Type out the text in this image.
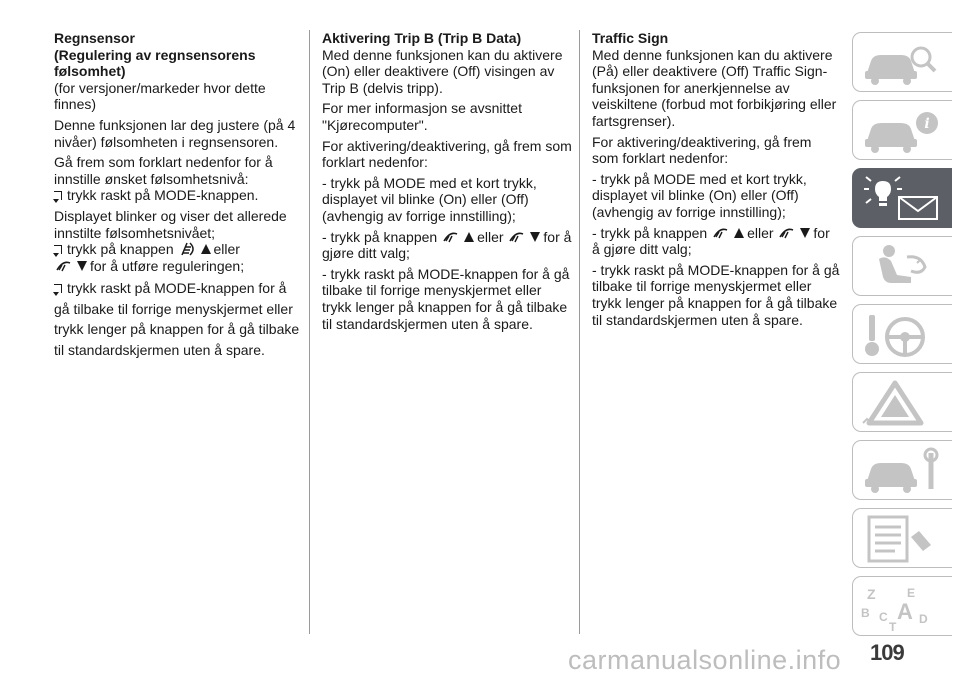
Regnsensor
(Regulering av regnsensorens
følsomhet)

(for versjoner/markeder hvor dette finnes)

Denne funksjonen lar deg justere (på 4 nivåer) følsomheten i regnsensoren.

Gå frem som forklart nedenfor for å innstille ønsket følsomhetsnivå:

trykk raskt på MODE-knappen.

Displayet blinker og viser det allerede innstilte følsomhetsnivået;

trykk på knappen	eller
for å utføre reguleringen;

trykk raskt på MODE-knappen for å gå tilbake til forrige menyskjermet eller trykk lenger på knappen for å gå tilbake til standardskjermen uten å spare.

Aktivering Trip B (Trip B Data)

Med denne funksjonen kan du aktivere (On) eller deaktivere (Off) visingen av Trip B (delvis tripp).

For mer informasjon se avsnittet "Kjørecomputer".

For aktivering/deaktivering, gå frem som forklart nedenfor:

- trykk på MODE med et kort trykk, displayet vil blinke (On) eller (Off) (avhengig av forrige innstilling);

- trykk på knappen	eller	for å gjøre ditt valg;

- trykk raskt på MODE-knappen for å gå tilbake til forrige menyskjermet eller trykk lenger på knappen for å gå tilbake til standardskjermen uten å spare.

Traffic Sign

Med denne funksjonen kan du aktivere (På) eller deaktivere (Off) Traffic Sign-funksjonen for anerkjennelse av veiskiltene (forbud mot forbikjøring eller fartsgrenser).

For aktivering/deaktivering, gå frem som forklart nedenfor:

- trykk på MODE med et kort trykk, displayet vil blinke (On) eller (Off) (avhengig av forrige innstilling);

- trykk på knappen	eller	for å gjøre ditt valg;

- trykk raskt på MODE-knappen for å gå tilbake til forrige menyskjermet eller trykk lenger på knappen for å gå tilbake til standardskjermen uten å spare.

i
Z	E
B C A D
T
109
carmanualsonline.info
